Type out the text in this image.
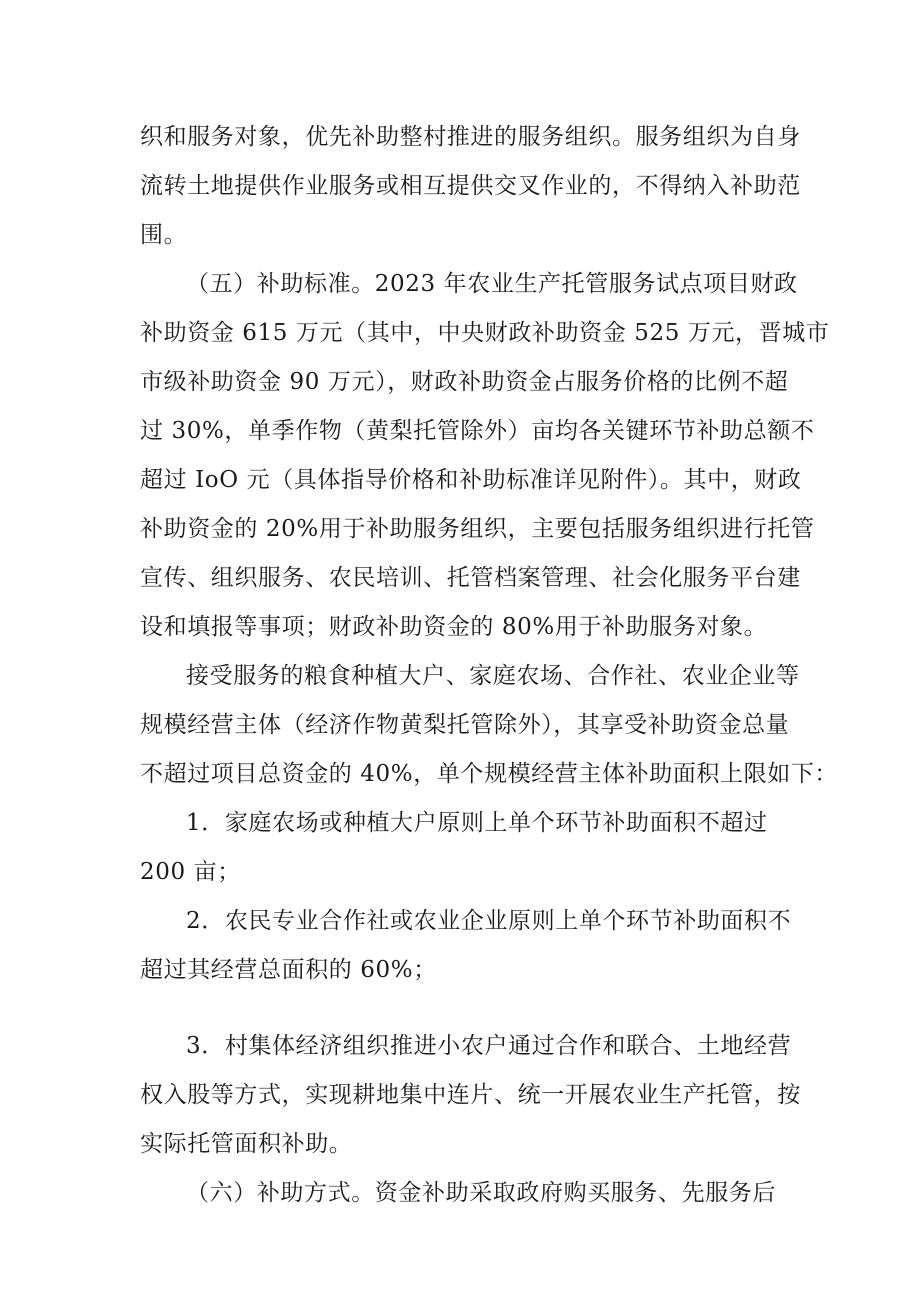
织和服务对象，优先补助整村推进的服务组织。服务组织为自身
流转土地提供作业服务或相互提供交叉作业的，不得纳入补助范
围。
（五）补助标准。2023 年农业生产托管服务试点项目财政
补助资金 615 万元（其中，中央财政补助资金 525 万元，晋城市
市级补助资金 90 万元），财政补助资金占服务价格的比例不超
过 30%，单季作物（黄梨托管除外）亩均各关键环节补助总额不
超过 IoO 元（具体指导价格和补助标准详见附件）。其中，财政
补助资金的 20%用于补助服务组织，主要包括服务组织进行托管
宣传、组织服务、农民培训、托管档案管理、社会化服务平台建
设和填报等事项；财政补助资金的 80%用于补助服务对象。
接受服务的粮食种植大户、家庭农场、合作社、农业企业等
规模经营主体（经济作物黄梨托管除外），其享受补助资金总量
不超过项目总资金的 40%，单个规模经营主体补助面积上限如下：
1．家庭农场或种植大户原则上单个环节补助面积不超过
200 亩；
2．农民专业合作社或农业企业原则上单个环节补助面积不
超过其经营总面积的 60%；
3．村集体经济组织推进小农户通过合作和联合、土地经营
权入股等方式，实现耕地集中连片、统一开展农业生产托管，按
实际托管面积补助。
（六）补助方式。资金补助采取政府购买服务、先服务后
